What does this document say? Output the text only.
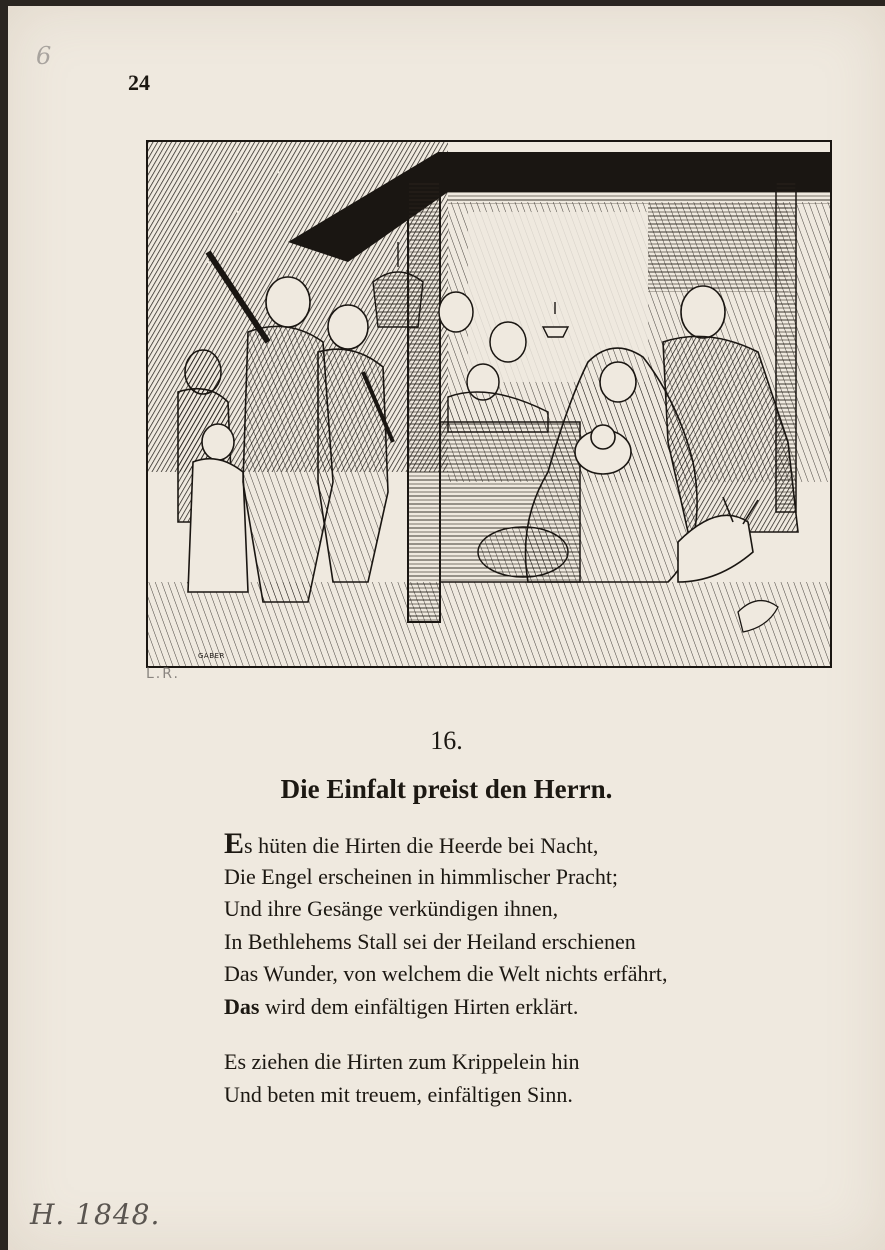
6
24
GABER
L.R.
16.
Die Einfalt preist den Herrn.
Es hüten die Hirten die Heerde bei Nacht,
Die Engel erscheinen in himmlischer Pracht;
Und ihre Gesänge verkündigen ihnen,
In Bethlehems Stall sei der Heiland erschienen
Das Wunder, von welchem die Welt nichts erfährt,
Das wird dem einfältigen Hirten erklärt.
Es ziehen die Hirten zum Krippelein hin
Und beten mit treuem, einfältigen Sinn.
H. 1848.
